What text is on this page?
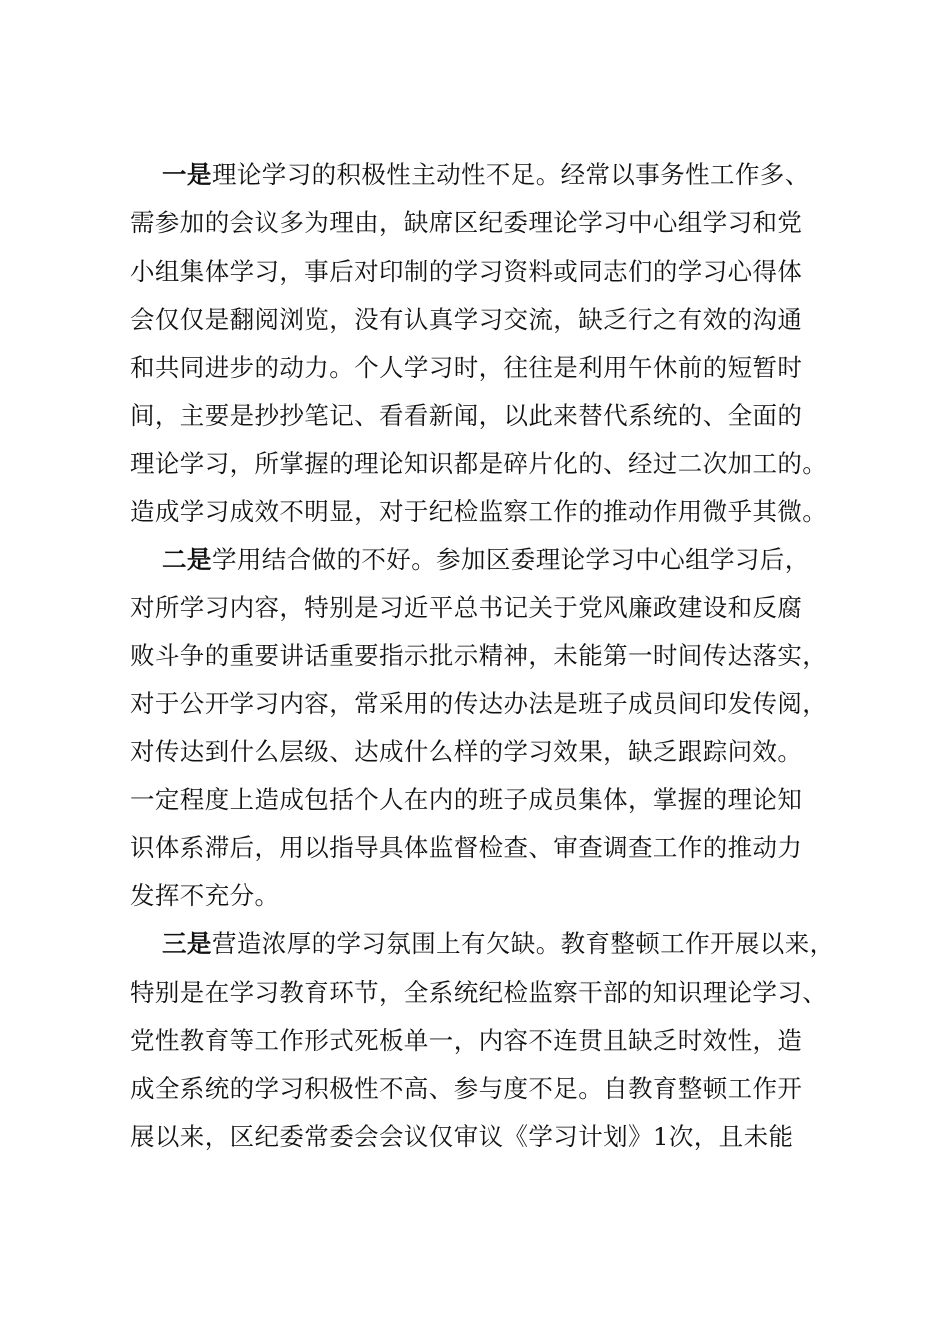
一是 理论学习的积极性主动性不足。经常以事务性工作多、
需参加的会议多为理由，缺席区纪委理论学习中心组学习和党
小组集体学习，事后对印制的学习资料或同志们的学习心得体
会仅仅是翻阅浏览，没有认真学习交流，缺乏行之有效的沟通
和共同进步的动力。个人学习时，往往是利用午休前的短暂时
间，主要是抄抄笔记、看看新闻，以此来替代系统的、全面的
理论学习，所掌握的理论知识都是碎片化的、经过二次加工的。
造成学习成效不明显，对于纪检监察工作的推动作用微乎其微。
二是 学用结合做的不好。参加区委理论学习中心组学习后，
对所学习内容，特别是习近平总书记关于党风廉政建设和反腐
败斗争的重要讲话重要指示批示精神，未能第一时间传达落实，
对于公开学习内容，常采用的传达办法是班子成员间印发传阅，
对传达到什么层级、达成什么样的学习效果，缺乏跟踪问效。
一定程度上造成包括个人在内的班子成员集体，掌握的理论知
识体系滞后，用以指导具体监督检查、审查调查工作的推动力
发挥不充分。
三是 营造浓厚的学习氛围上有欠缺。教育整顿工作开展以来，
特别是在学习教育环节，全系统纪检监察干部的知识理论学习、
党性教育等工作形式死板单一，内容不连贯且缺乏时效性，造
成全系统的学习积极性不高、参与度不足。自教育整顿工作开
展以来，区纪委常委会会议仅审议《学习计划》1次，且未能
